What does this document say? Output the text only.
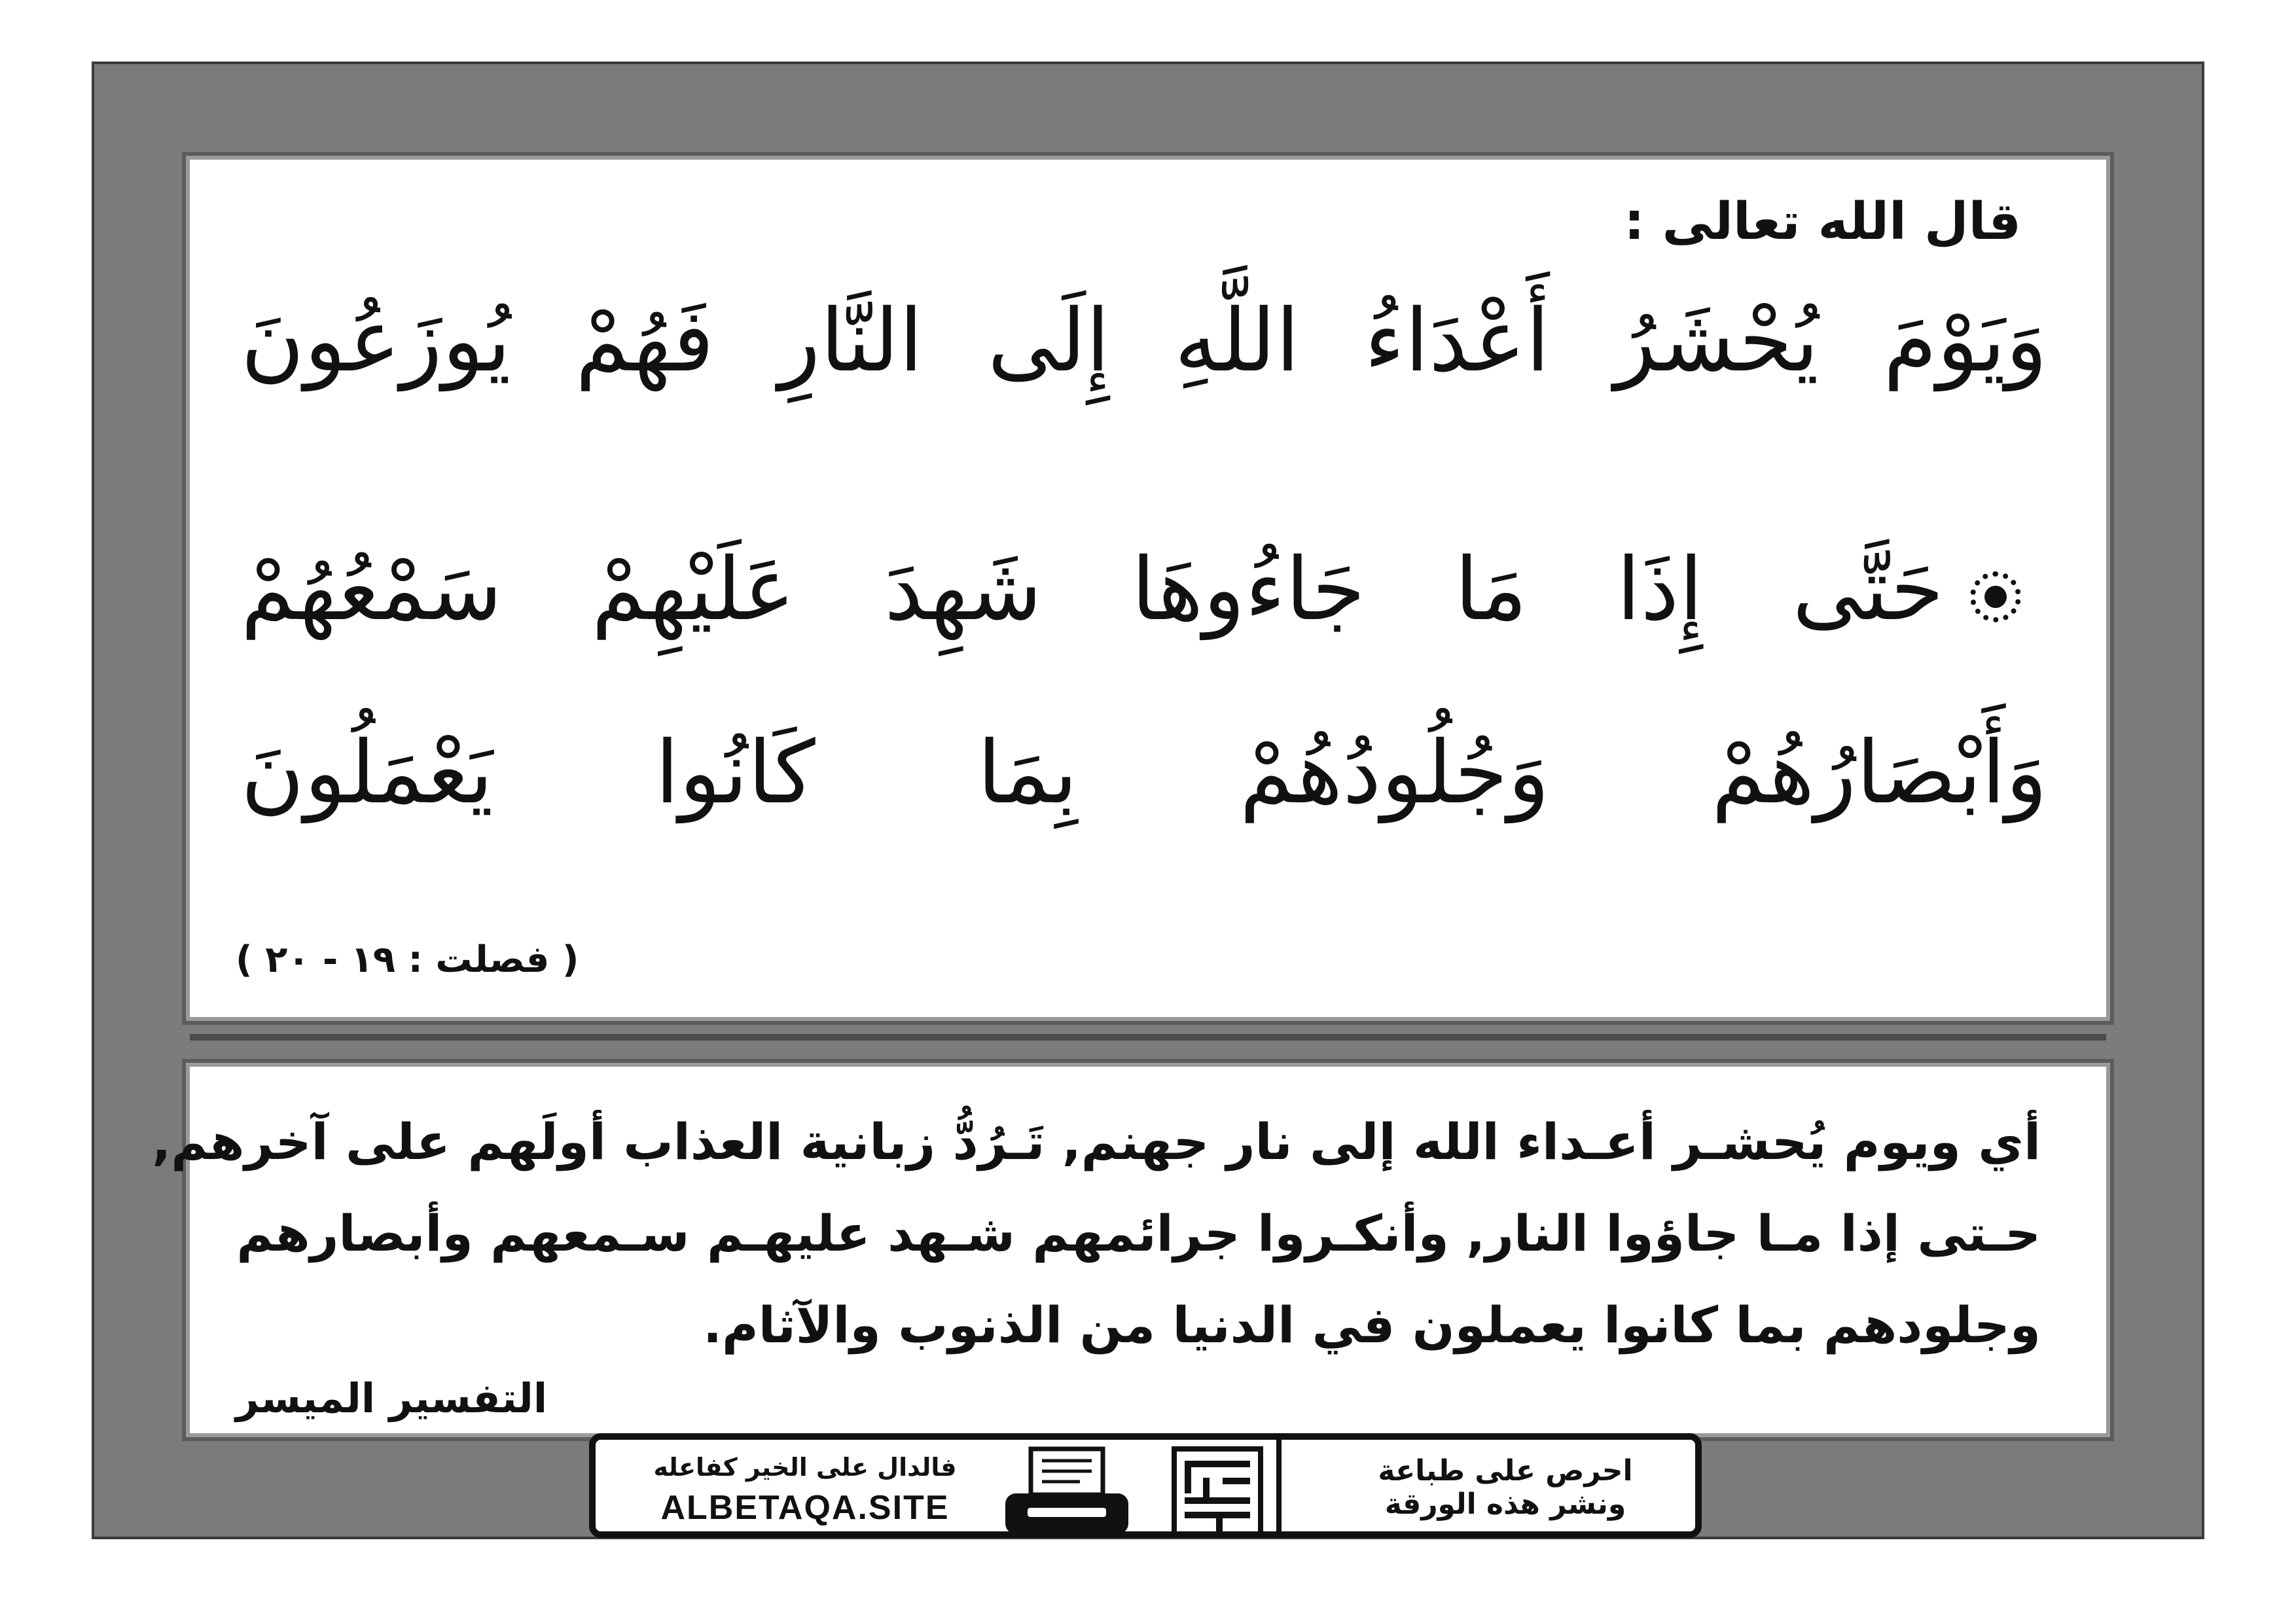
قال الله تعالى :
وَيَوْمَ يُحْشَرُ أَعْدَاءُ اللَّهِ إِلَى النَّارِ فَهُمْ يُوزَعُونَ
حَتَّى إِذَا مَا جَاءُوهَا شَهِدَ عَلَيْهِمْ سَمْعُهُمْ
وَأَبْصَارُهُمْ وَجُلُودُهُمْ بِمَا كَانُوا يَعْمَلُونَ
( فصلت : ١٩ - ٢٠ )
أي ويوم يُحشـر أعـداء الله إلى نار جهنم, تَـرُدُّ زبانية العذاب أولَهم على آخرهم,
حـتى إذا مـا جاؤوا النار, وأنكـروا جرائمهم شـهد عليهـم سـمعهم وأبصارهم
وجلودهم بما كانوا يعملون في الدنيا من الذنوب والآثام.
التفسير الميسر
فالدال على الخير كفاعله
ALBETAQA.SITE
احرص على طباعة
ونشر هذه الورقة
